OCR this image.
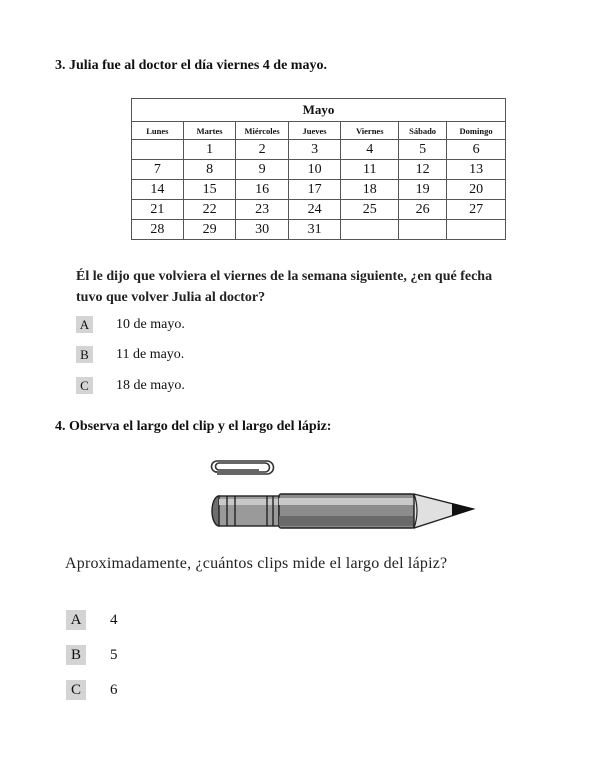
3. Julia fue al doctor el día viernes 4 de mayo.
Mayo						
Lunes	Martes	Miércoles	Jueves	Viernes	Sábado	Domingo
	1	2	3	4	5	6
7	8	9	10	11	12	13
14	15	16	17	18	19	20
21	22	23	24	25	26	27
28	29	30	31			
Él le dijo que volviera el viernes de la semana siguiente, ¿en qué fecha
tuvo que volver Julia al doctor?
A 10 de mayo.
B 11 de mayo.
C 18 de mayo.
4. Observa el largo del clip y el largo del lápiz:
Aproximadamente, ¿cuántos clips mide el largo del lápiz?
A	4
B	5
C	6
